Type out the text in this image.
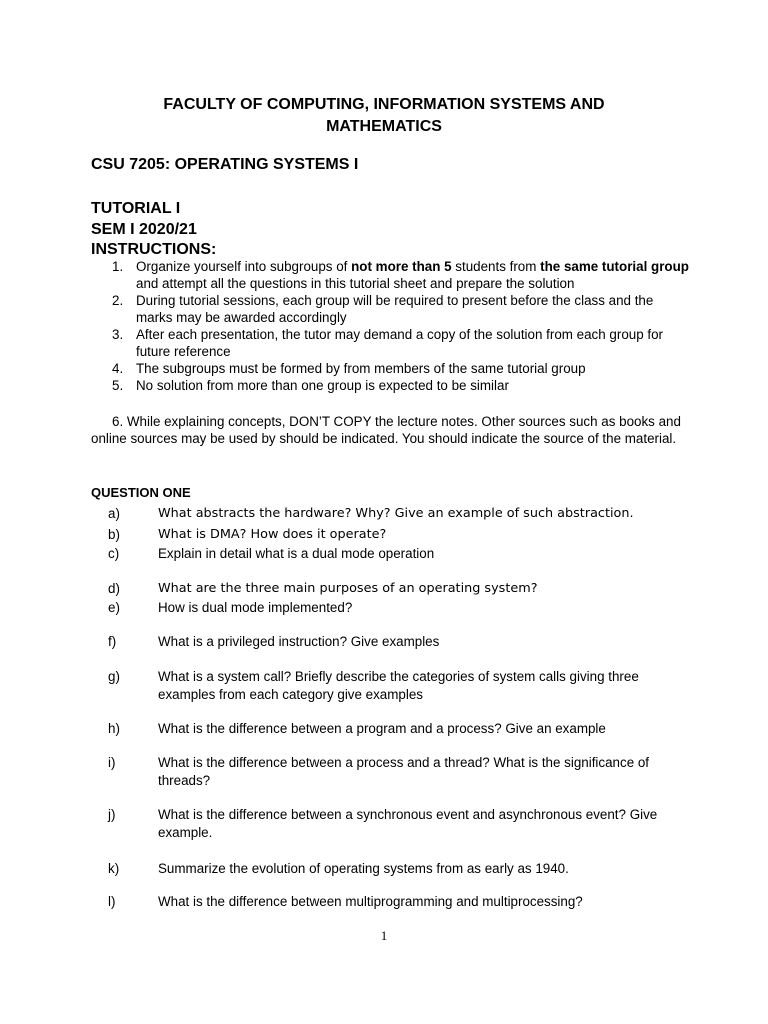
FACULTY OF COMPUTING, INFORMATION SYSTEMS AND MATHEMATICS
CSU 7205: OPERATING SYSTEMS I
TUTORIAL I
SEM I 2020/21
INSTRUCTIONS:
1. Organize yourself into subgroups of not more than 5 students from the same tutorial group and attempt all the questions in this tutorial sheet and prepare the solution
2. During tutorial sessions, each group will be required to present before the class and the marks may be awarded accordingly
3. After each presentation, the tutor may demand a copy of the solution from each group for future reference
4. The subgroups must be formed by from members of the same tutorial group
5. No solution from more than one group is expected to be similar
6. While explaining concepts, DON’T COPY the lecture notes. Other sources such as books and online sources may be used by should be indicated. You should indicate the source of the material.
QUESTION ONE
a)	What abstracts the hardware? Why? Give an example of such abstraction.
b)	What is DMA? How does it operate?
c)	Explain in detail what is a dual mode operation
d)	What are the three main purposes of an operating system?
e)	How is dual mode implemented?
f)	What is a privileged instruction? Give examples
g)	What is a system call? Briefly describe the categories of system calls giving three examples from each category give examples
h)	What is the difference between a program and a process? Give an example
i)	What is the difference between a process and a thread? What is the significance of threads?
j)	What is the difference between a synchronous event and asynchronous event? Give example.
k)	Summarize the evolution of operating systems from as early as 1940.
l)	What is the difference between multiprogramming and multiprocessing?
1
